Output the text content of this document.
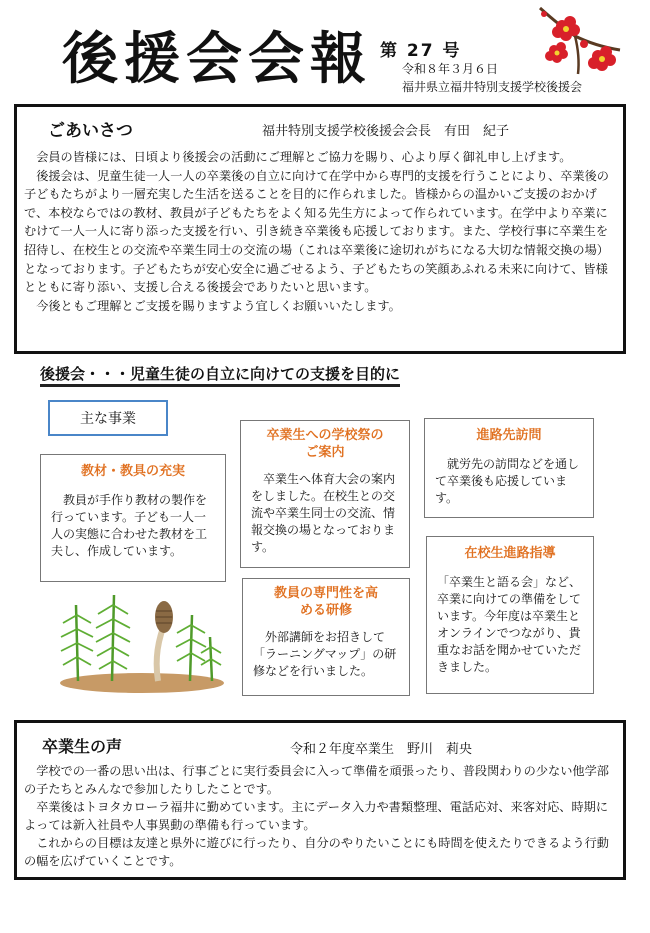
後援会会報 第 27 号
令和８年３月６日
福井県立福井特別支援学校後援会
ごあいさつ	福井特別支援学校後援会会長　有田　紀子

会員の皆様には、日頃より後援会の活動にご理解とご協力を賜り、心より厚く御礼申し上げます。

後援会は、児童生徒一人一人の卒業後の自立に向けて在学中から専門的支援を行うことにより、卒業後の子どもたちがより一層充実した生活を送ることを目的に作られました。皆様からの温かいご支援のおかげで、本校ならではの教材、教員が子どもたちをよく知る先生方によって作られています。在学中より卒業にむけて一人一人に寄り添った支援を行い、引き続き卒業後も応援しております。また、学校行事に卒業生を招待し、在校生との交流や卒業生同士の交流の場（これは卒業後に途切れがちになる大切な情報交換の場）となっております。子どもたちが安心安全に過ごせるよう、子どもたちの笑顔あふれる未来に向けて、皆様とともに寄り添い、支援し合える後援会でありたいと思います。

今後ともご理解とご支援を賜りますよう宜しくお願いいたします。

後援会・・・児童生徒の自立に向けての支援を目的に
主な事業
教材・教具の充実
教員が手作り教材の製作を行っています。子ども一人一人の実態に合わせた教材を工夫し、作成しています。
卒業生への学校祭のご案内
卒業生へ体育大会の案内をしました。在校生との交流や卒業生同士の交流、情報交換の場となっております。
進路先訪問
就労先の訪問などを通して卒業後も応援しています。
教員の専門性を高める研修
外部講師をお招きして「ラーニングマップ」の研修などを行いました。
在校生進路指導
「卒業生と語る会」など、卒業に向けての準備をしています。今年度は卒業生とオンラインでつながり、貴重なお話を聞かせていただきました。
卒業生の声	令和２年度卒業生　野川　莉央

学校での一番の思い出は、行事ごとに実行委員会に入って準備を頑張ったり、普段関わりの少ない他学部の子たちとみんなで参加したりしたことです。

卒業後はトヨタカローラ福井に勤めています。主にデータ入力や書類整理、電話応対、来客対応、時期によっては新入社員や人事異動の準備も行っています。

これからの目標は友達と県外に遊びに行ったり、自分のやりたいことにも時間を使えたりできるよう行動の幅を広げていくことです。
